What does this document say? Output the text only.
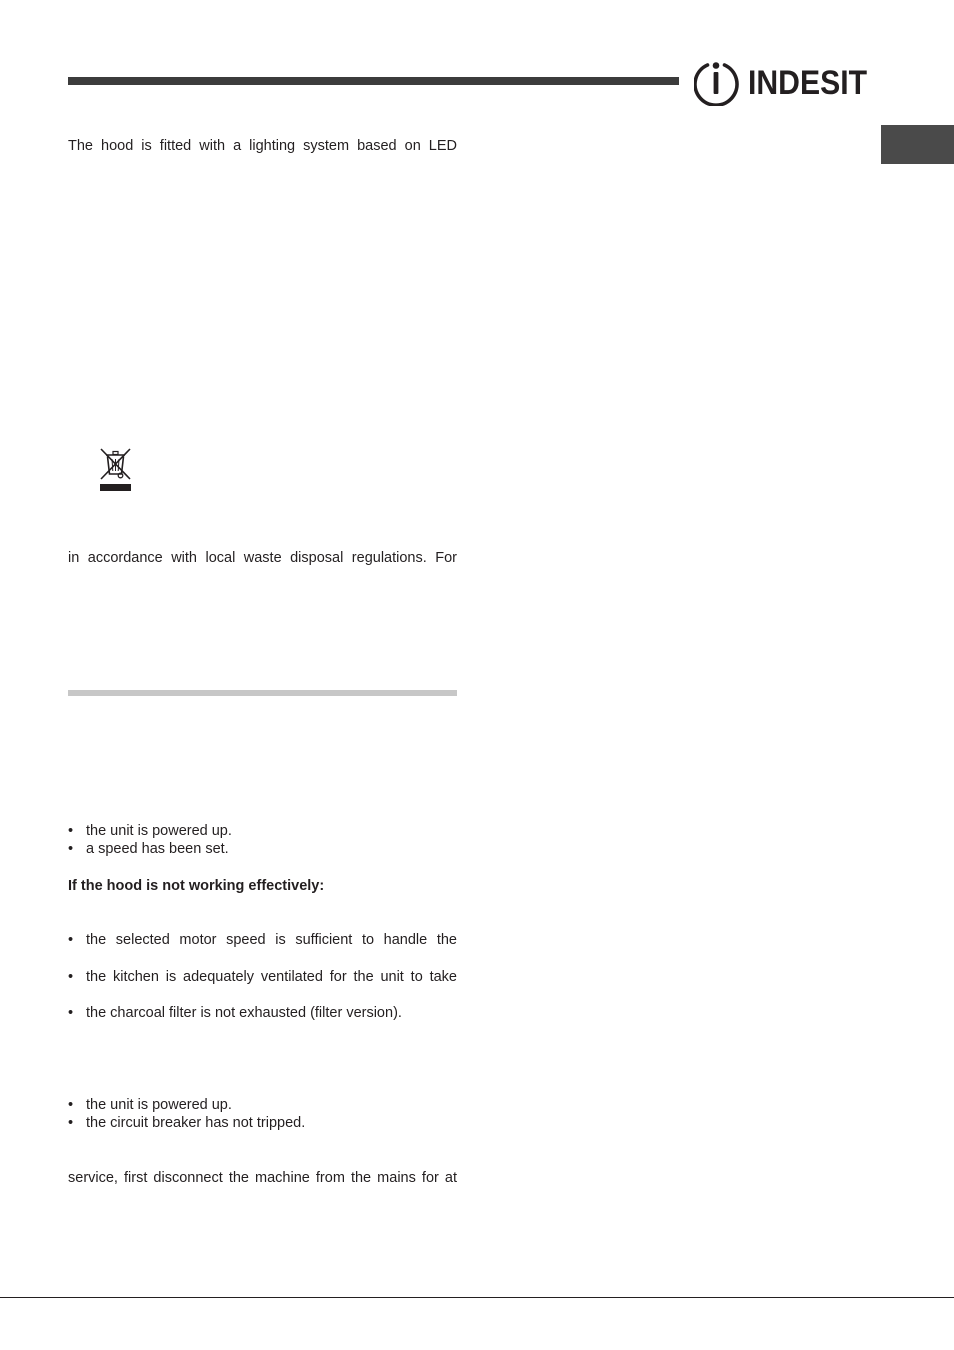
INDESIT

The hood is fitted with a lighting system based on LED

in accordance with local waste disposal regulations. For

• the unit is powered up.
• a speed has been set.
If the hood is not working effectively:
• the selected motor speed is sufficient to handle the
• the kitchen is adequately ventilated for the unit to take
• the charcoal filter is not exhausted (filter version).
• the unit is powered up.
• the circuit breaker has not tripped.

service, first disconnect the machine from the mains for at
